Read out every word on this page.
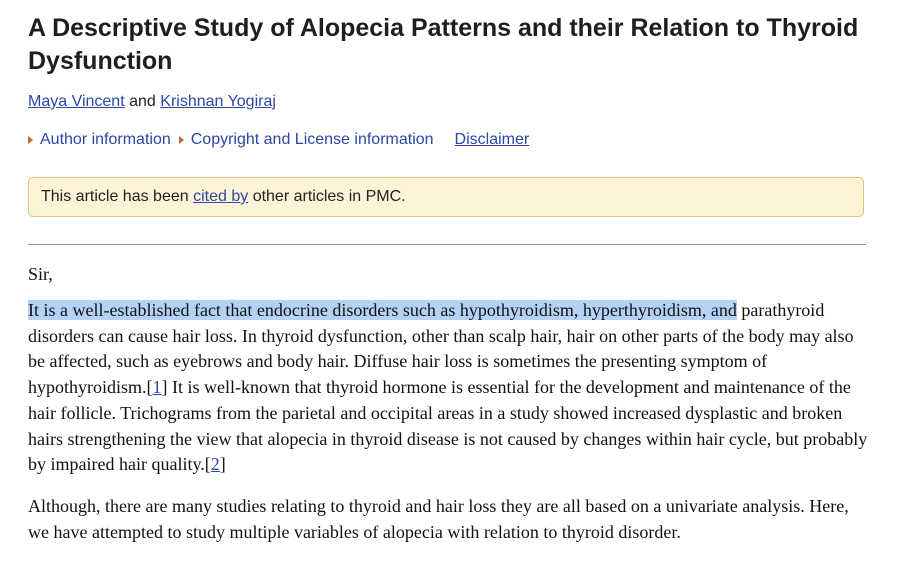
A Descriptive Study of Alopecia Patterns and their Relation to Thyroid Dysfunction
Maya Vincent and Krishnan Yogiraj
Author information Copyright and License information Disclaimer
This article has been cited by other articles in PMC.
Sir,
It is a well-established fact that endocrine disorders such as hypothyroidism, hyperthyroidism, and parathyroid disorders can cause hair loss. In thyroid dysfunction, other than scalp hair, hair on other parts of the body may also be affected, such as eyebrows and body hair. Diffuse hair loss is sometimes the presenting symptom of hypothyroidism.[1] It is well-known that thyroid hormone is essential for the development and maintenance of the hair follicle. Trichograms from the parietal and occipital areas in a study showed increased dysplastic and broken hairs strengthening the view that alopecia in thyroid disease is not caused by changes within hair cycle, but probably by impaired hair quality.[2]
Although, there are many studies relating to thyroid and hair loss they are all based on a univariate analysis. Here, we have attempted to study multiple variables of alopecia with relation to thyroid disorder.
